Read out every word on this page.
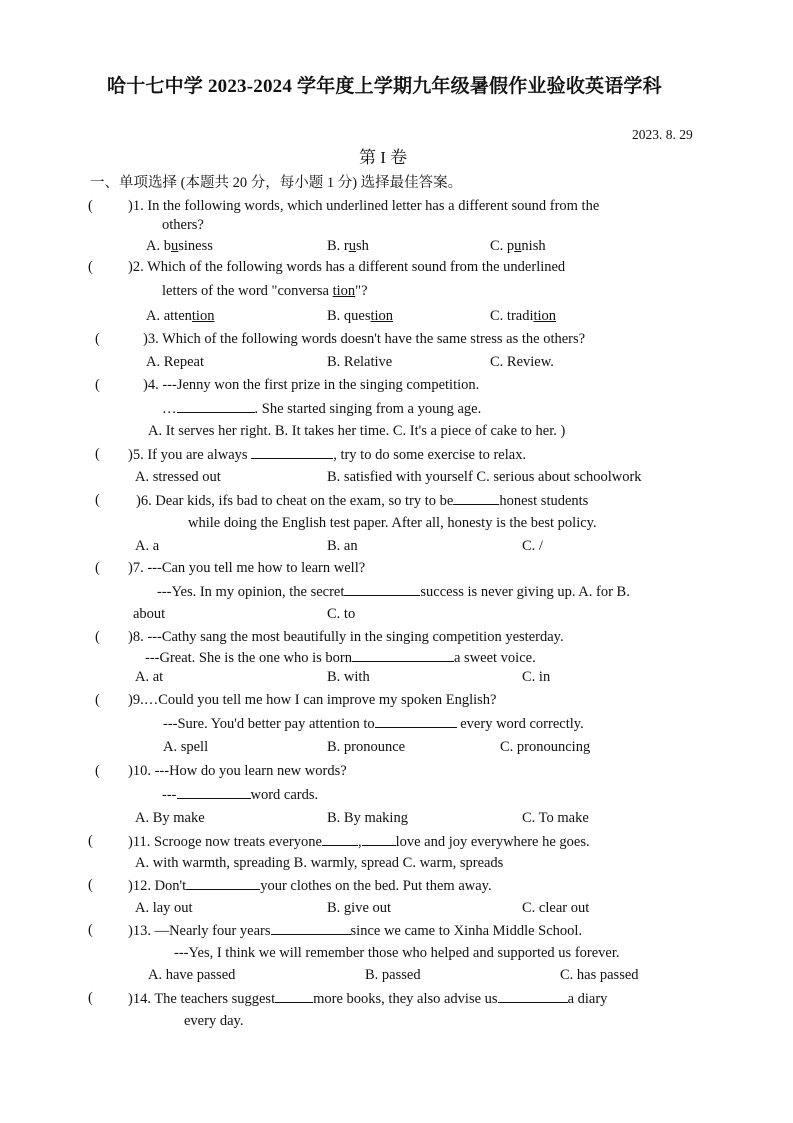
哈十七中学 2023-2024 学年度上学期九年级暑假作业验收英语学科
2023. 8. 29
第 I 卷
一、单项选择 (本题共 20 分，每小题 1 分) 选择最佳答案。
( )1. In the following words, which underlined letter has a different sound from the
others?
A. business	B. rush	C. punish
( )2. Which of the following words has a different sound from the underlined
letters of the word "conversa tion"?
A. attention	B. question	C. tradition
(	)3. Which of the following words doesn't have the same stress as the others?
A. Repeat	B. Relative	C. Review.
(	)4. ---Jenny won the first prize in the singing competition.
…	. She started singing from a young age.
A. It serves her right. B. It takes her time. C. It's a piece of cake to her. )
( )5. If you are always	, try to do some exercise to relax.
A. stressed out	B. satisfied with yourself C. serious about schoolwork
( )6. Dear kids, ifs bad to cheat on the exam, so try to be	honest students
while doing the English test paper. After all, honesty is the best policy.
A. a	B. an	C. /
( )7. ---Can you tell me how to learn well?
---Yes. In my opinion, the secret	success is never giving up. A. for B.
about	C. to
( )8. ---Cathy sang the most beautifully in the singing competition yesterday.
---Great. She is the one who is born	a sweet voice.
A. at	B. with	C. in
( )9.…Could you tell me how I can improve my spoken English?
---Sure. You'd better pay attention to	every word correctly.
A. spell	B. pronounce	C. pronouncing
( )10. ---How do you learn new words?
---	word cards.
A. By make	B. By making	C. To make
( )11. Scrooge now treats everyone , love and joy everywhere he goes.
A. with warmth, spreading B. warmly, spread C. warm, spreads
( )12. Don't	your clothes on the bed. Put them away.
A. lay out	B. give out	C. clear out
( )13. —Nearly four years	since we came to Xinha Middle School.
---Yes, I think we will remember those who helped and supported us forever.
A. have passed	B. passed	C. has passed
( )14. The teachers suggest	more books, they also advise us	a diary
every day.
